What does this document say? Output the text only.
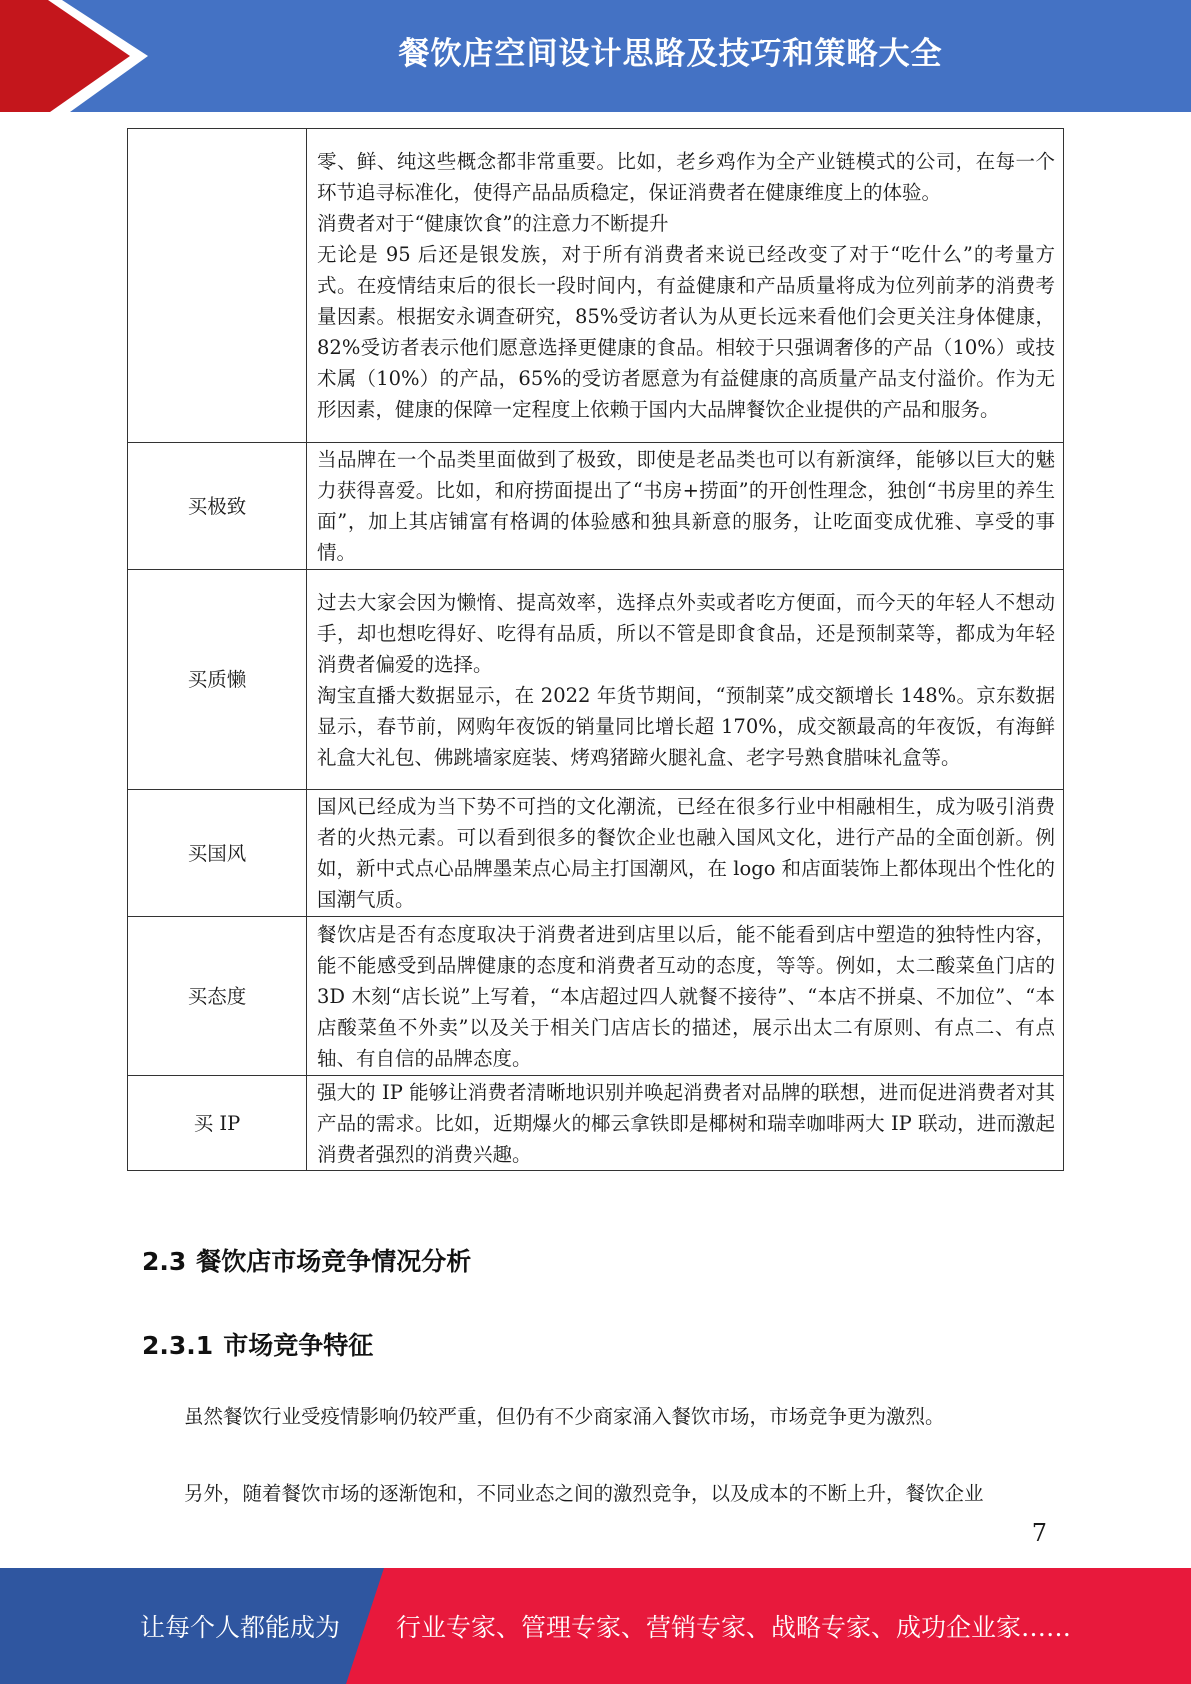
餐饮店空间设计思路及技巧和策略大全

	零、鲜、纯这些概念都非常重要。比如，老乡鸡作为全产业链模式的公司，在每一个环节追寻标准化，使得产品品质稳定，保证消费者在健康维度上的体验。

消费者对于“健康饮食”的注意力不断提升

无论是 95 后还是银发族，对于所有消费者来说已经改变了对于“吃什么”的考量方式。在疫情结束后的很长一段时间内，有益健康和产品质量将成为位列前茅的消费考量因素。根据安永调查研究，85%受访者认为从更长远来看他们会更关注身体健康，82%受访者表示他们愿意选择更健康的食品。相较于只强调奢侈的产品（10%）或技术属（10%）的产品，65%的受访者愿意为有益健康的高质量产品支付溢价。作为无形因素，健康的保障一定程度上依赖于国内大品牌餐饮企业提供的产品和服务。

买极致	当品牌在一个品类里面做到了极致，即使是老品类也可以有新演绎，能够以巨大的魅力获得喜爱。比如，和府捞面提出了“书房+捞面”的开创性理念，独创“书房里的养生面”，加上其店铺富有格调的体验感和独具新意的服务，让吃面变成优雅、享受的事情。

买质懒	过去大家会因为懒惰、提高效率，选择点外卖或者吃方便面，而今天的年轻人不想动手，却也想吃得好、吃得有品质，所以不管是即食食品，还是预制菜等，都成为年轻消费者偏爱的选择。

淘宝直播大数据显示，在 2022 年货节期间，“预制菜”成交额增长 148%。京东数据显示，春节前，网购年夜饭的销量同比增长超 170%，成交额最高的年夜饭，有海鲜礼盒大礼包、佛跳墙家庭装、烤鸡猪蹄火腿礼盒、老字号熟食腊味礼盒等。

买国风	国风已经成为当下势不可挡的文化潮流，已经在很多行业中相融相生，成为吸引消费者的火热元素。可以看到很多的餐饮企业也融入国风文化，进行产品的全面创新。例如，新中式点心品牌墨茉点心局主打国潮风，在 logo 和店面装饰上都体现出个性化的国潮气质。

买态度	餐饮店是否有态度取决于消费者进到店里以后，能不能看到店中塑造的独特性内容，能不能感受到品牌健康的态度和消费者互动的态度，等等。例如，太二酸菜鱼门店的 3D 木刻“店长说”上写着，“本店超过四人就餐不接待”、“本店不拼桌、不加位”、“本店酸菜鱼不外卖”以及关于相关门店店长的描述，展示出太二有原则、有点二、有点轴、有自信的品牌态度。

买 IP	强大的 IP 能够让消费者清晰地识别并唤起消费者对品牌的联想，进而促进消费者对其产品的需求。比如，近期爆火的椰云拿铁即是椰树和瑞幸咖啡两大 IP 联动，进而激起消费者强烈的消费兴趣。

2.3 餐饮店市场竞争情况分析
2.3.1 市场竞争特征

虽然餐饮行业受疫情影响仍较严重，但仍有不少商家涌入餐饮市场，市场竞争更为激烈。

另外，随着餐饮市场的逐渐饱和，不同业态之间的激烈竞争，以及成本的不断上升，餐饮企业

7
让每个人都能成为 行业专家、管理专家、营销专家、战略专家、成功企业家……
